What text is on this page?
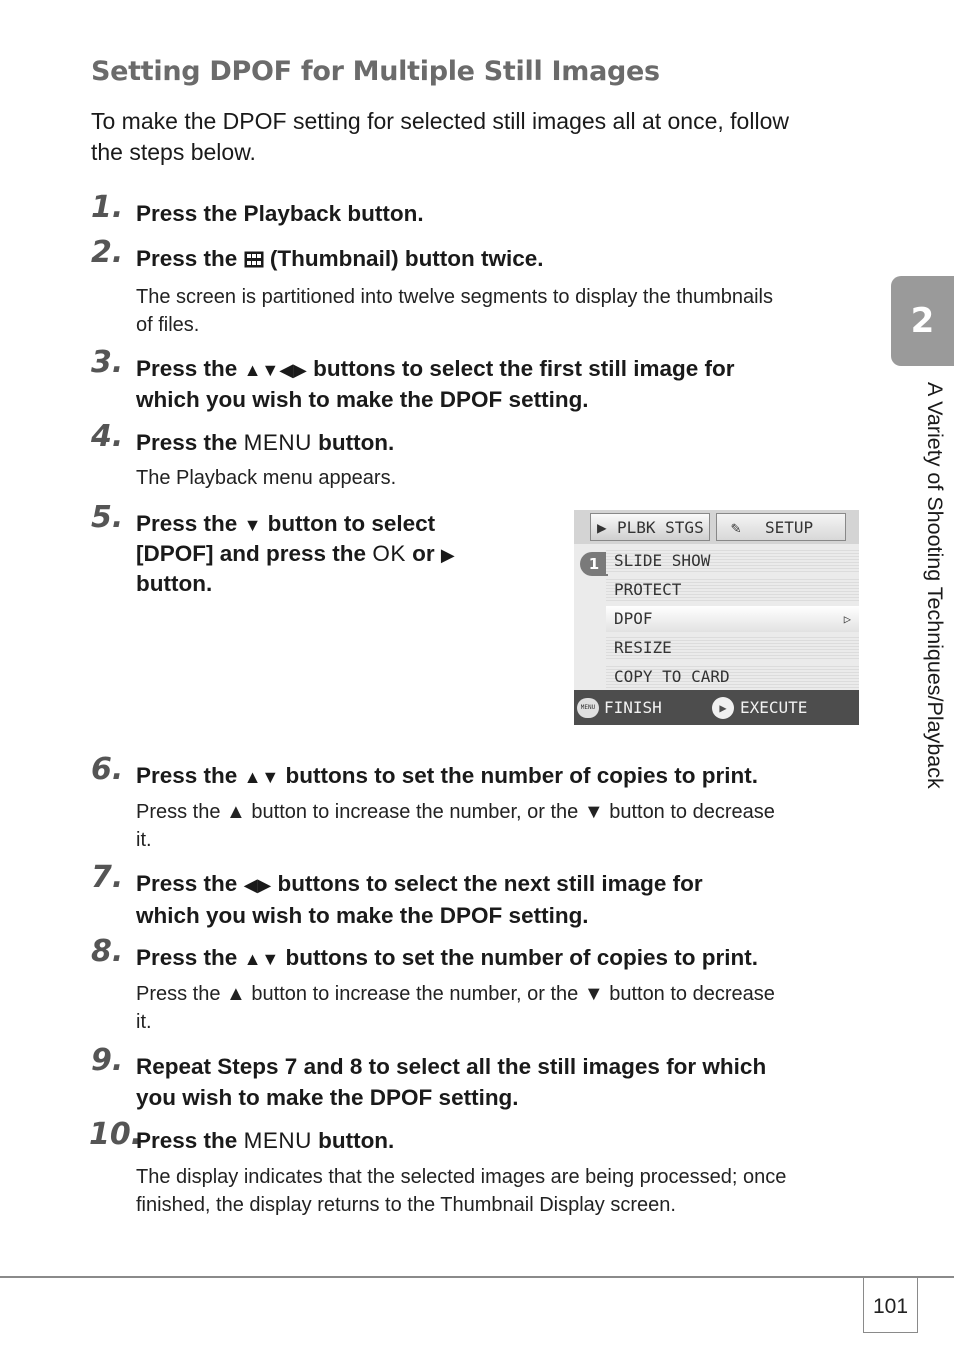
Setting DPOF for Multiple Still Images
To make the DPOF setting for selected still images all at once, follow
the steps below.
1. Press the Playback button.
2. Press the (Thumbnail) button twice.
The screen is partitioned into twelve segments to display the thumbnails
of files.
3. Press the ▲▼◀▶ buttons to select the first still image for
which you wish to make the DPOF setting.
4. Press the MENU button.
The Playback menu appears.
5. Press the ▼ button to select
[DPOF] and press the OK or ▶
button.
▶ PLBK STGS	✎ SETUP
1 SLIDE SHOW
PROTECT
DPOF	▷
RESIZE
COPY TO CARD
MENU FINISH	▶ EXECUTE
6. Press the ▲▼ buttons to set the number of copies to print.
Press the ▲ button to increase the number, or the ▼ button to decrease
it.
7. Press the ◀▶ buttons to select the next still image for
which you wish to make the DPOF setting.
8. Press the ▲▼ buttons to set the number of copies to print.
Press the ▲ button to increase the number, or the ▼ button to decrease
it.
9. Repeat Steps 7 and 8 to select all the still images for which
you wish to make the DPOF setting.
10.
Press the MENU button.
The display indicates that the selected images are being processed; once
finished, the display returns to the Thumbnail Display screen.
2
A Variety of Shooting Techniques/Playback
101
